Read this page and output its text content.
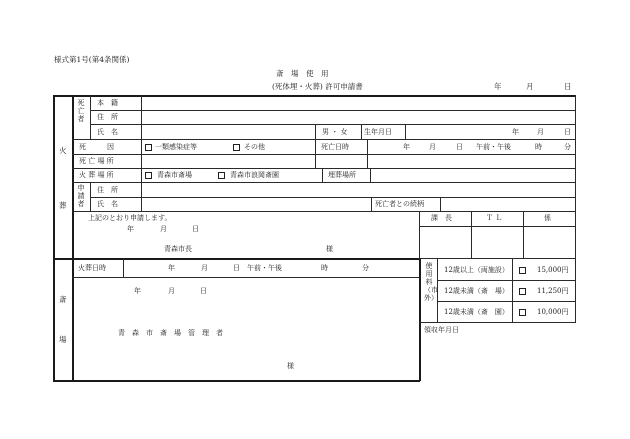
様式第1号(第4条関係)
斎　場　使　用
(死体埋・火葬) 許可申請書	年	月	日
火
葬
斎
場
死亡者
本　籍
住　所
氏　名	男 ・ 女 生年月日	年	月	日
死　　　因	一類感染症等	その他	死亡日時	年	月	日 午前・午後	時	分
死 亡 場 所
火 葬 場 所	青森市斎場	青森市浪岡斎園	埋葬場所
申請者
住　所
氏　名	死亡者との続柄
上記のとおり申請します。
年	月	日
青森市長	様
課　長	Ｔ Ｌ	係
火葬日時	年	月	日 午前・午後	時	分
年	月	日
青　森　市　斎　場　管　理　者
様
使用料（市外）
12歳以上（両施設）	15,000円
12歳未満（斎　場）	11,250円
12歳未満（斎　園）	10,000円
領収年月日
